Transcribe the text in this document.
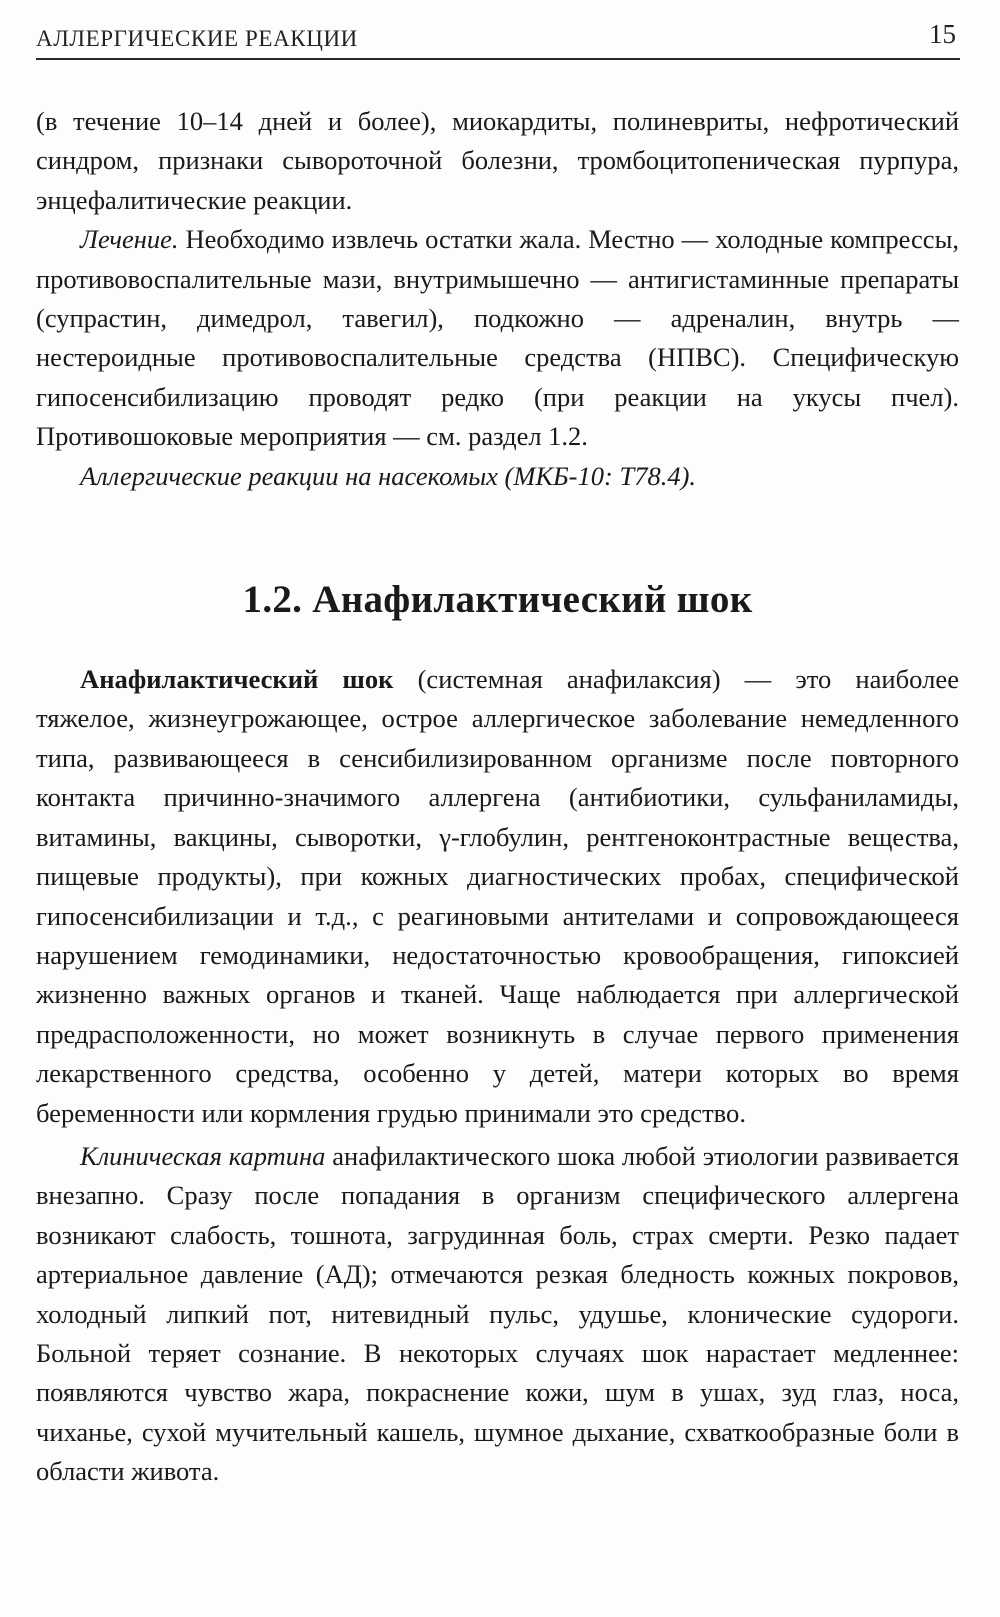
АЛЛЕРГИЧЕСКИЕ РЕАКЦИИ	15

(в течение 10–14 дней и более), миокардиты, полиневриты, нефротический синдром, признаки сывороточной болезни, тромбоцитопеническая пурпура, энцефалитические реакции.

Лечение. Необходимо извлечь остатки жала. Местно — холодные компрессы, противовоспалительные мази, внутримышечно — антигистаминные препараты (супрастин, димедрол, тавегил), подкожно — адреналин, внутрь — нестероидные противовоспалительные средства (НПВС). Специфическую гипосенсибилизацию проводят редко (при реакции на укусы пчел). Противошоковые мероприятия — см. раздел 1.2.

Аллергические реакции на насекомых (МКБ-10: Т78.4).

1.2. Анафилактический шок

Анафилактический шок (системная анафилаксия) — это наиболее тяжелое, жизнеугрожающее, острое аллергическое заболевание немедленного типа, развивающееся в сенсибилизированном организме после повторного контакта причинно-значимого аллергена (антибиотики, сульфаниламиды, витамины, вакцины, сыворотки, γ-глобулин, рентгеноконтрастные вещества, пищевые продукты), при кожных диагностических пробах, специфической гипосенсибилизации и т.д., с реагиновыми антителами и сопровождающееся нарушением гемодинамики, недостаточностью кровообращения, гипоксией жизненно важных органов и тканей. Чаще наблюдается при аллергической предрасположенности, но может возникнуть в случае первого применения лекарственного средства, особенно у детей, матери которых во время беременности или кормления грудью принимали это средство.

Клиническая картина анафилактического шока любой этиологии развивается внезапно. Сразу после попадания в организм специфического аллергена возникают слабость, тошнота, загрудинная боль, страх смерти. Резко падает артериальное давление (АД); отмечаются резкая бледность кожных покровов, холодный липкий пот, нитевидный пульс, удушье, клонические судороги. Больной теряет сознание. В некоторых случаях шок нарастает медленнее: появляются чувство жара, покраснение кожи, шум в ушах, зуд глаз, носа, чиханье, сухой мучительный кашель, шумное дыхание, схваткообразные боли в области живота.
